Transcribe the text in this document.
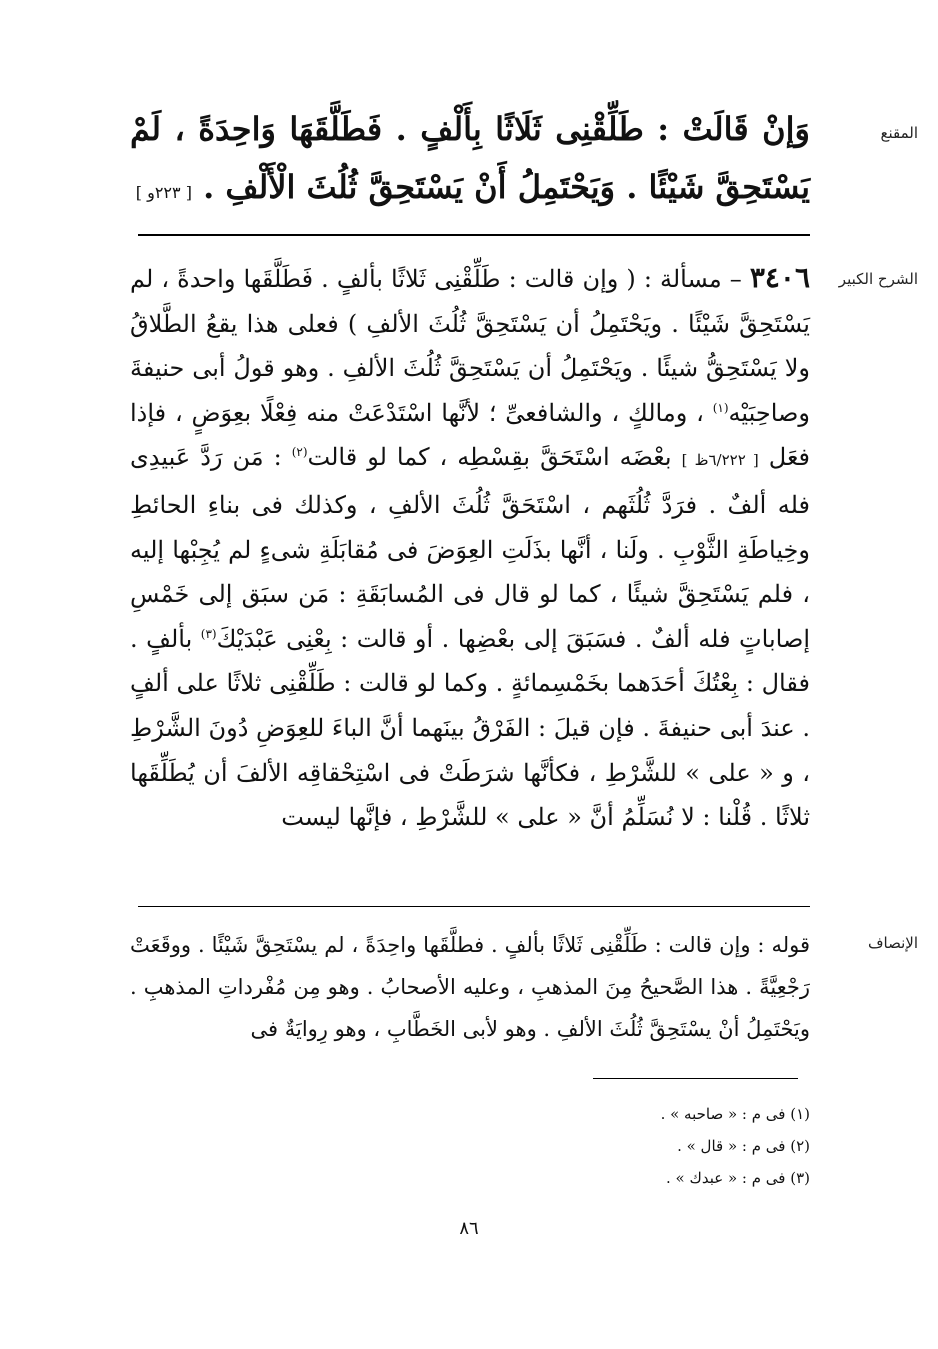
المقنع
وَإنْ قَالَتْ : طَلِّقْنِى ثَلَاثًا بِأَلْفٍ . فَطَلَّقَهَا وَاحِدَةً ، لَمْ يَسْتَحِقَّ شَيْئًا . وَيَحْتَمِلُ أَنْ يَسْتَحِقَّ ثُلُثَ الْأَلْفِ . [ ٢٢٣و ]
الشرح الكبير
٣٤٠٦ – مسألة : ( وإن قالت : طَلِّقْنِى ثَلاثًا بألفٍ . فَطَلَّقَها واحدةً ، لم يَسْتَحِقَّ شَيْئًا . ويَحْتَمِلُ أن يَسْتَحِقَّ ثُلُثَ الألفِ ) فعلى هذا يقعُ الطَّلاقُ ولا يَسْتَحِقُّ شيئًا . ويَحْتَمِلُ أن يَسْتَحِقَّ ثُلُثَ الألفِ . وهو قولُ أبى حنيفةَ وصاحِبَيْه$^{(١)}$ ، ومالكٍ ، والشافعىِّ ؛ لأنَّها اسْتَدْعَتْ منه فِعْلًا بعِوَضٍ ، فإذا فعَل [ ٦/٢٢٢ظ ] بعْضَه اسْتَحَقَّ بقِسْطِه ، كما لو قالت$^{(٢)}$ : مَن رَدَّ عَبيدِى فله ألفٌ . فرَدَّ ثُلُثَهم ، اسْتَحَقَّ ثُلُثَ الألفِ ، وكذلك فى بناءِ الحائطِ وخِياطَةِ الثَّوْبِ . ولَنا ، أنَّها بذَلَتِ العِوَضَ فى مُقابَلَةِ شىءٍ لم يُجِبْها إليه ، فلم يَسْتَحِقَّ شيئًا ، كما لو قال فى المُسابَقَةِ : مَن سبَق إلى خَمْسِ إصاباتٍ فله ألفٌ . فسَبَقَ إلى بعْضِها . أو قالت : بِعْنِى عَبْدَيْكَ$^{(٣)}$ بألفٍ . فقال : بِعْتُكَ أحَدَهما بخَمْسِمائةٍ . وكما لو قالت : طَلِّقْنِى ثلاثًا على ألفٍ . عندَ أبى حنيفةَ . فإن قيلَ : الفَرْقُ بينَهما أنَّ الباءَ للعِوَضِ دُونَ الشَّرْطِ ، و « على » للشَّرْطِ ، فكأنَّها شرَطَتْ فى اسْتِحْقاقِه الألفَ أن يُطَلِّقَها ثلاثًا . قُلْنا : لا نُسَلِّمُ أنَّ « على » للشَّرْطِ ، فإنَّها ليست
الإنصاف
قوله : وإن قالت : طَلِّقْنِى ثَلاثًا بألفٍ . فطلَّقَها واحِدَةً ، لم يسْتَحِقَّ شَيْئًا . ووقَعَتْ رَجْعِيَّةً . هذا الصَّحيحُ مِنَ المذهبِ ، وعليه الأصحابُ . وهو مِن مُفْرداتِ المذهبِ . ويَحْتَمِلُ أنْ يسْتَحِقَّ ثُلُثَ الألفِ . وهو لأبى الخَطَّابِ ، وهو رِوايَةٌ فى
(١) فى م : « صاحبه » .
(٢) فى م : « قال » .
(٣) فى م : « عبدك » .
٨٦
